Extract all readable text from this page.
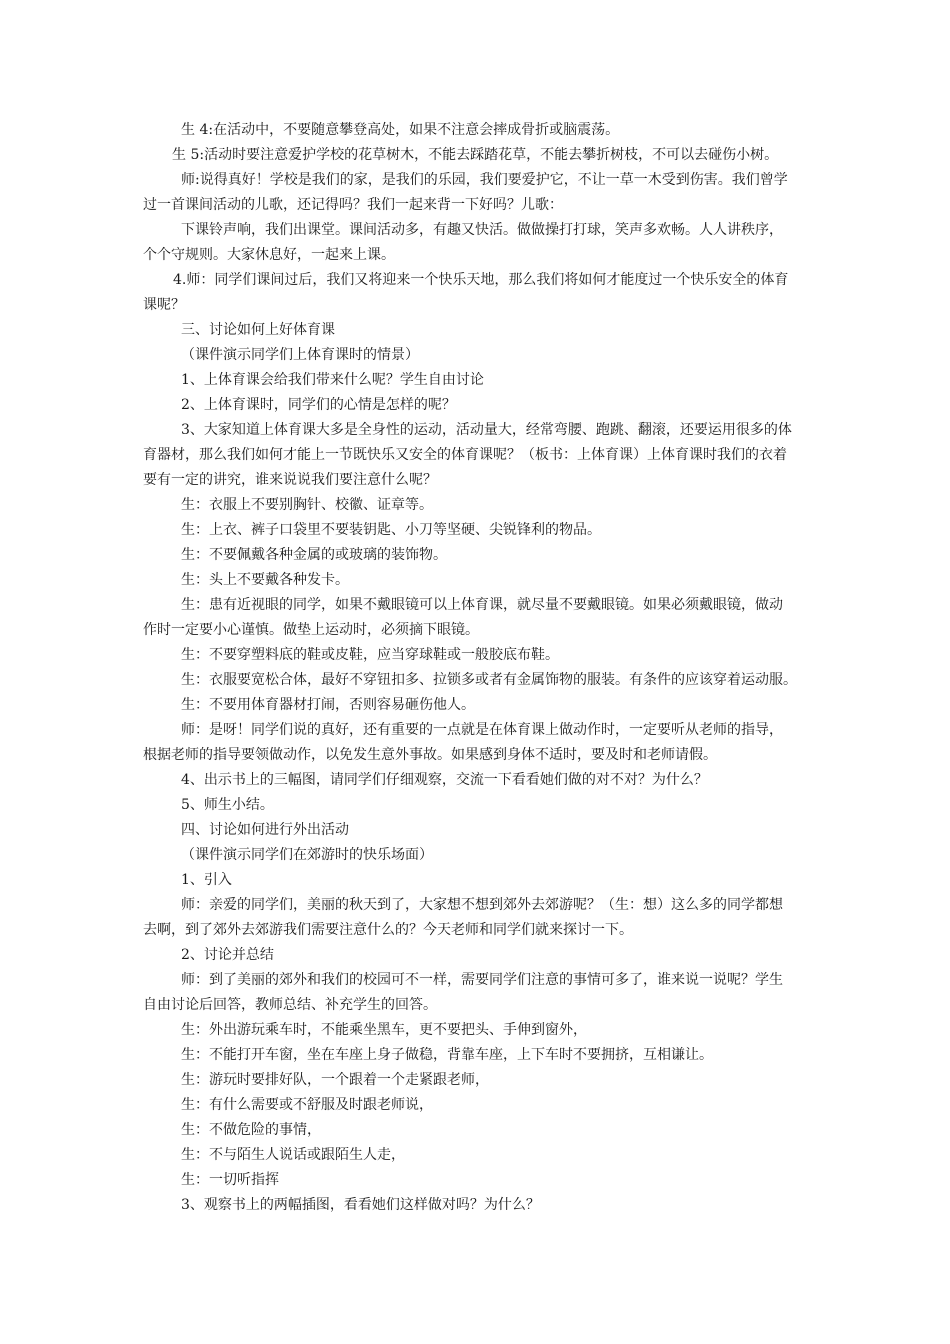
生 4:在活动中，不要随意攀登高处，如果不注意会摔成骨折或脑震荡。

生 5:活动时要注意爱护学校的花草树木，不能去踩踏花草，不能去攀折树枝，不可以去碰伤小树。

师:说得真好！学校是我们的家，是我们的乐园，我们要爱护它，不让一草一木受到伤害。我们曾学
过一首课间活动的儿歌，还记得吗？我们一起来背一下好吗？儿歌：

下课铃声响，我们出课堂。课间活动多，有趣又快活。做做操打打球，笑声多欢畅。人人讲秩序，
个个守规则。大家休息好，一起来上课。

4.师：同学们课间过后，我们又将迎来一个快乐天地，那么我们将如何才能度过一个快乐安全的体育
课呢？

三、讨论如何上好体育课

（课件演示同学们上体育课时的情景）

1、上体育课会给我们带来什么呢？学生自由讨论

2、上体育课时，同学们的心情是怎样的呢？

3、大家知道上体育课大多是全身性的运动，活动量大，经常弯腰、跑跳、翻滚，还要运用很多的体
育器材，那么我们如何才能上一节既快乐又安全的体育课呢？（板书：上体育课）上体育课时我们的衣着
要有一定的讲究，谁来说说我们要注意什么呢？

生：衣服上不要别胸针、校徽、证章等。

生：上衣、裤子口袋里不要装钥匙、小刀等坚硬、尖锐锋利的物品。

生：不要佩戴各种金属的或玻璃的装饰物。

生：头上不要戴各种发卡。

生：患有近视眼的同学，如果不戴眼镜可以上体育课，就尽量不要戴眼镜。如果必须戴眼镜，做动
作时一定要小心谨慎。做垫上运动时，必须摘下眼镜。

生：不要穿塑料底的鞋或皮鞋，应当穿球鞋或一般胶底布鞋。

生：衣服要宽松合体，最好不穿钮扣多、拉锁多或者有金属饰物的服装。有条件的应该穿着运动服。

生：不要用体育器材打闹，否则容易砸伤他人。

师：是呀！同学们说的真好，还有重要的一点就是在体育课上做动作时，一定要听从老师的指导，
根据老师的指导要领做动作，以免发生意外事故。如果感到身体不适时，要及时和老师请假。

4、出示书上的三幅图，请同学们仔细观察，交流一下看看她们做的对不对？为什么？

5、师生小结。

四、讨论如何进行外出活动

（课件演示同学们在郊游时的快乐场面）

1、引入

师：亲爱的同学们，美丽的秋天到了，大家想不想到郊外去郊游呢？（生：想）这么多的同学都想
去啊，到了郊外去郊游我们需要注意什么的？今天老师和同学们就来探讨一下。

2、讨论并总结

师：到了美丽的郊外和我们的校园可不一样，需要同学们注意的事情可多了，谁来说一说呢？学生
自由讨论后回答，教师总结、补充学生的回答。

生：外出游玩乘车时，不能乘坐黑车，更不要把头、手伸到窗外，

生：不能打开车窗，坐在车座上身子做稳，背靠车座，上下车时不要拥挤，互相谦让。

生：游玩时要排好队，一个跟着一个走紧跟老师，

生：有什么需要或不舒服及时跟老师说，

生：不做危险的事情，

生：不与陌生人说话或跟陌生人走，

生：一切听指挥

3、观察书上的两幅插图，看看她们这样做对吗？为什么？
